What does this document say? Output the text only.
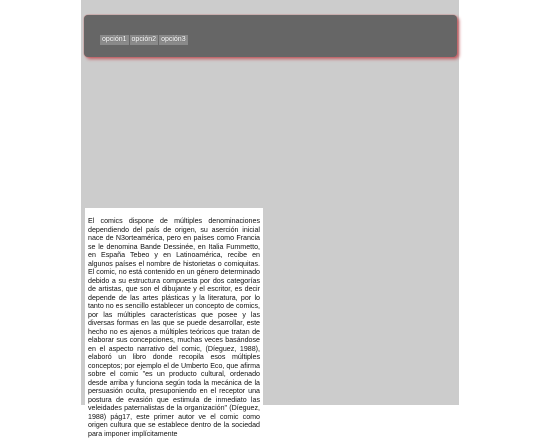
opción1 opción2 opción3

El comics dispone de múltiples denominaciones dependiendo del país de origen, su aserción inicial nace de N3orteamérica, pero en países como Francia se le denomina Bande Dessinée, en Italia Fummetto, en España Tebeo y en Latinoamérica, recibe en algunos países el nombre de historietas o comiquitas. El comic, no está contenido en un género determinado debido a su estructura compuesta por dos categorías de artistas, que son el dibujante y el escritor, es decir depende de las artes plásticas y la literatura, por lo tanto no es sencillo establecer un concepto de comics, por las múltiples características que posee y las diversas formas en las que se puede desarrollar, este hecho no es ajenos a múltiples teóricos que tratan de elaborar sus concepciones, muchas veces basándose en el aspecto narrativo del comic, (Díeguez, 1988), elaboró un libro donde recopila esos múltiples conceptos; por ejemplo el de Umberto Eco, que afirma sobre el comic "es un producto cultural, ordenado desde arriba y funciona según toda la mecánica de la persuasión oculta, presuponiendo en el receptor una postura de evasión que estimula de inmediato las veleidades paternalistas de la organización" (Díeguez, 1988) pág17, este primer autor ve el comic como origen cultura que se establece dentro de la sociedad para imponer implícitamente
